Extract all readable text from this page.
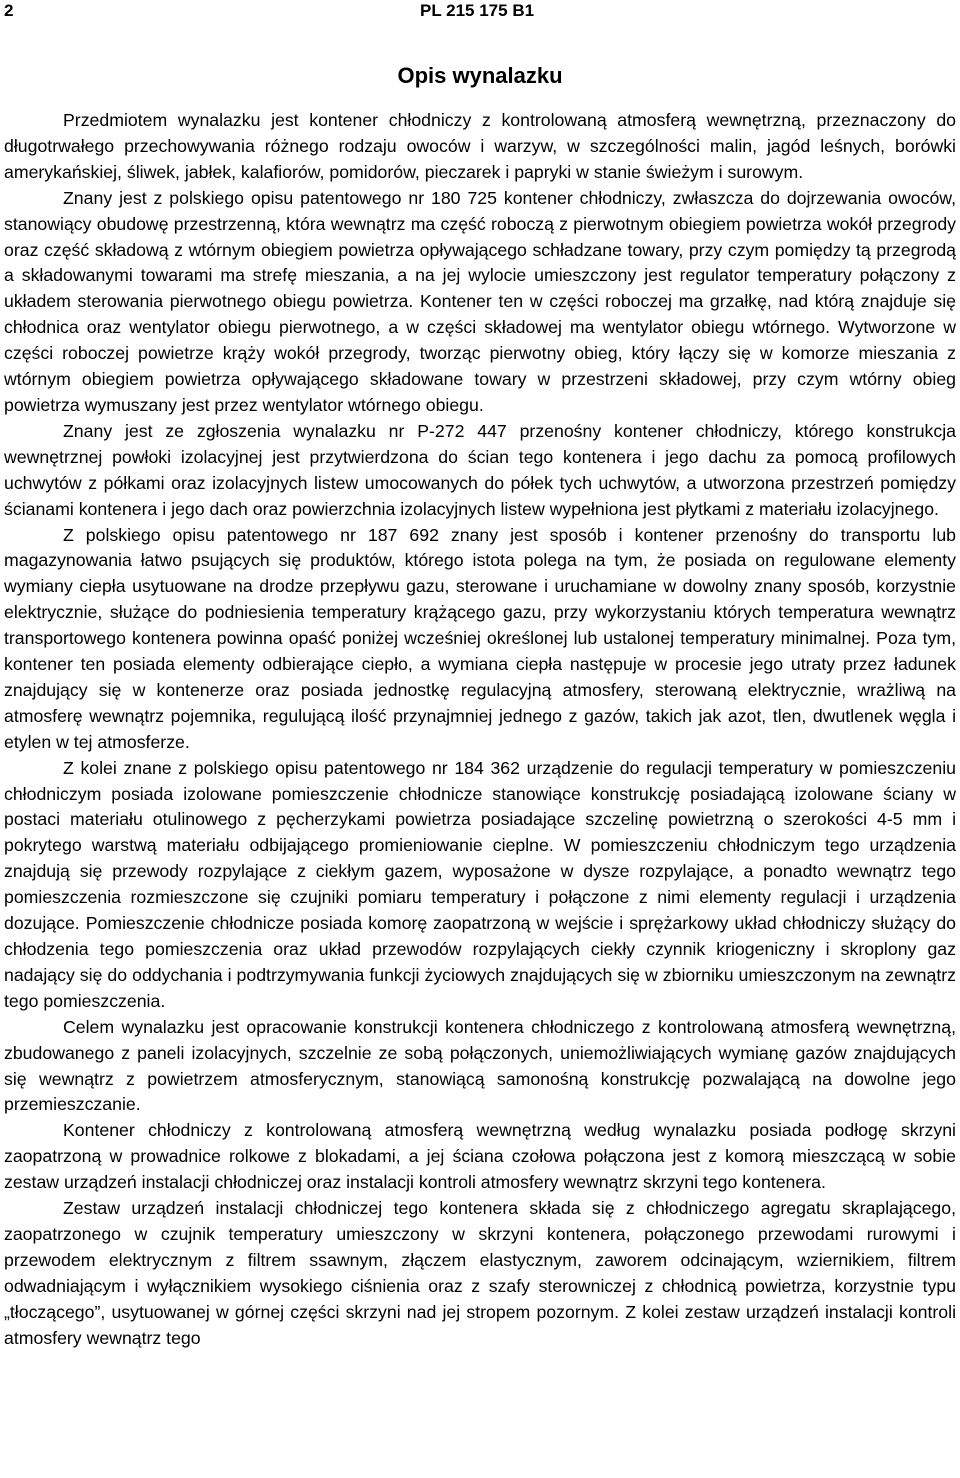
2	PL 215 175 B1
Opis wynalazku

Przedmiotem wynalazku jest kontener chłodniczy z kontrolowaną atmosferą wewnętrzną, przeznaczony do długotrwałego przechowywania różnego rodzaju owoców i warzyw, w szczególności malin, jagód leśnych, borówki amerykańskiej, śliwek, jabłek, kalafiorów, pomidorów, pieczarek i papryki w stanie świeżym i surowym.

Znany jest z polskiego opisu patentowego nr 180 725 kontener chłodniczy, zwłaszcza do dojrzewania owoców, stanowiący obudowę przestrzenną, która wewnątrz ma część roboczą z pierwotnym obiegiem powietrza wokół przegrody oraz część składową z wtórnym obiegiem powietrza opływającego schładzane towary, przy czym pomiędzy tą przegrodą a składowanymi towarami ma strefę mieszania, a na jej wylocie umieszczony jest regulator temperatury połączony z układem sterowania pierwotnego obiegu powietrza. Kontener ten w części roboczej ma grzałkę, nad którą znajduje się chłodnica oraz wentylator obiegu pierwotnego, a w części składowej ma wentylator obiegu wtórnego. Wytworzone w części roboczej powietrze krąży wokół przegrody, tworząc pierwotny obieg, który łączy się w komorze mieszania z wtórnym obiegiem powietrza opływającego składowane towary w przestrzeni składowej, przy czym wtórny obieg powietrza wymuszany jest przez wentylator wtórnego obiegu.

Znany jest ze zgłoszenia wynalazku nr P-272 447 przenośny kontener chłodniczy, którego konstrukcja wewnętrznej powłoki izolacyjnej jest przytwierdzona do ścian tego kontenera i jego dachu za pomocą profilowych uchwytów z półkami oraz izolacyjnych listew umocowanych do półek tych uchwytów, a utworzona przestrzeń pomiędzy ścianami kontenera i jego dach oraz powierzchnia izolacyjnych listew wypełniona jest płytkami z materiału izolacyjnego.

Z polskiego opisu patentowego nr 187 692 znany jest sposób i kontener przenośny do transportu lub magazynowania łatwo psujących się produktów, którego istota polega na tym, że posiada on regulowane elementy wymiany ciepła usytuowane na drodze przepływu gazu, sterowane i uruchamiane w dowolny znany sposób, korzystnie elektrycznie, służące do podniesienia temperatury krążącego gazu, przy wykorzystaniu których temperatura wewnątrz transportowego kontenera powinna opaść poniżej wcześniej określonej lub ustalonej temperatury minimalnej. Poza tym, kontener ten posiada elementy odbierające ciepło, a wymiana ciepła następuje w procesie jego utraty przez ładunek znajdujący się w kontenerze oraz posiada jednostkę regulacyjną atmosfery, sterowaną elektrycznie, wrażliwą na atmosferę wewnątrz pojemnika, regulującą ilość przynajmniej jednego z gazów, takich jak azot, tlen, dwutlenek węgla i etylen w tej atmosferze.

Z kolei znane z polskiego opisu patentowego nr 184 362 urządzenie do regulacji temperatury w pomieszczeniu chłodniczym posiada izolowane pomieszczenie chłodnicze stanowiące konstrukcję posiadającą izolowane ściany w postaci materiału otulinowego z pęcherzykami powietrza posiadające szczelinę powietrzną o szerokości 4-5 mm i pokrytego warstwą materiału odbijającego promieniowanie cieplne. W pomieszczeniu chłodniczym tego urządzenia znajdują się przewody rozpylające z ciekłym gazem, wyposażone w dysze rozpylające, a ponadto wewnątrz tego pomieszczenia rozmieszczone się czujniki pomiaru temperatury i połączone z nimi elementy regulacji i urządzenia dozujące. Pomieszczenie chłodnicze posiada komorę zaopatrzoną w wejście i sprężarkowy układ chłodniczy służący do chłodzenia tego pomieszczenia oraz układ przewodów rozpylających ciekły czynnik kriogeniczny i skroplony gaz nadający się do oddychania i podtrzymywania funkcji życiowych znajdujących się w zbiorniku umieszczonym na zewnątrz tego pomieszczenia.

Celem wynalazku jest opracowanie konstrukcji kontenera chłodniczego z kontrolowaną atmosferą wewnętrzną, zbudowanego z paneli izolacyjnych, szczelnie ze sobą połączonych, uniemożliwiających wymianę gazów znajdujących się wewnątrz z powietrzem atmosferycznym, stanowiącą samonośną konstrukcję pozwalającą na dowolne jego przemieszczanie.

Kontener chłodniczy z kontrolowaną atmosferą wewnętrzną według wynalazku posiada podłogę skrzyni zaopatrzoną w prowadnice rolkowe z blokadami, a jej ściana czołowa połączona jest z komorą mieszczącą w sobie zestaw urządzeń instalacji chłodniczej oraz instalacji kontroli atmosfery wewnątrz skrzyni tego kontenera.

Zestaw urządzeń instalacji chłodniczej tego kontenera składa się z chłodniczego agregatu skraplającego, zaopatrzonego w czujnik temperatury umieszczony w skrzyni kontenera, połączonego przewodami rurowymi i przewodem elektrycznym z filtrem ssawnym, złączem elastycznym, zaworem odcinającym, wziernikiem, filtrem odwadniającym i wyłącznikiem wysokiego ciśnienia oraz z szafy sterowniczej z chłodnicą powietrza, korzystnie typu „tłoczącego”, usytuowanej w górnej części skrzyni nad jej stropem pozornym. Z kolei zestaw urządzeń instalacji kontroli atmosfery wewnątrz tego
